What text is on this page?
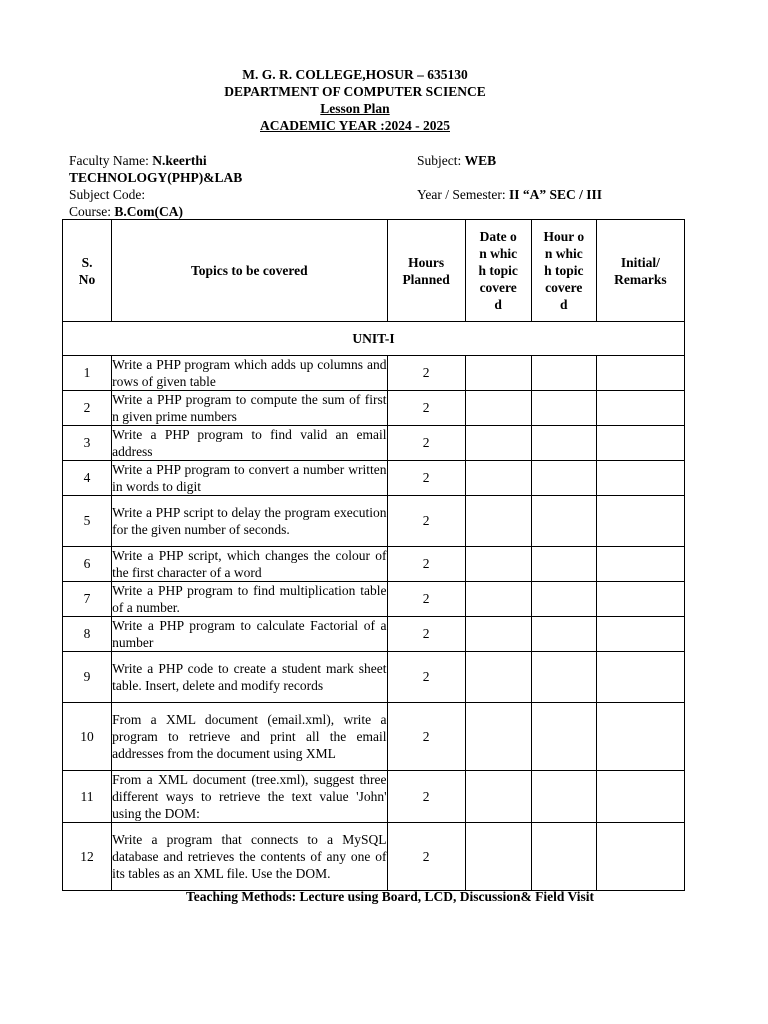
M. G. R. COLLEGE,HOSUR – 635130
DEPARTMENT OF COMPUTER SCIENCE
Lesson Plan
ACADEMIC YEAR :2024 - 2025
Faculty Name: N.keerthi	Subject: WEB
TECHNOLOGY(PHP)&LAB
Subject Code:	Year / Semester: II “A” SEC / III
Course: B.Com(CA)
S. No	Topics to be covered	Hours Planned	Date on which topic covere d	Hour on which topic covere d	Initial/ Remarks
UNIT-I					
1	Write a PHP program which adds up columns and rows of given table	2			
2	Write a PHP program to compute the sum of first n given prime numbers	2			
3	Write a PHP program to find valid an email address	2			
4	Write a PHP program to convert a number written in words to digit	2			
5	Write a PHP script to delay the program execution for the given number of seconds.	2			
6	Write a PHP script, which changes the colour of the first character of a word	2			
7	Write a PHP program to find multiplication table of a number.	2			
8	Write a PHP program to calculate Factorial of a number	2			
9	Write a PHP code to create a student mark sheet table. Insert, delete and modify records	2			
10	From a XML document (email.xml), write a program to retrieve and print all the email addresses from the document using XML	2			
11	From a XML document (tree.xml), suggest three different ways to retrieve the text value 'John' using the DOM:	2			
12	Write a program that connects to a MySQL database and retrieves the contents of any one of its tables as an XML file. Use the DOM.	2			
Teaching Methods: Lecture using Board, LCD, Discussion& Field Visit
